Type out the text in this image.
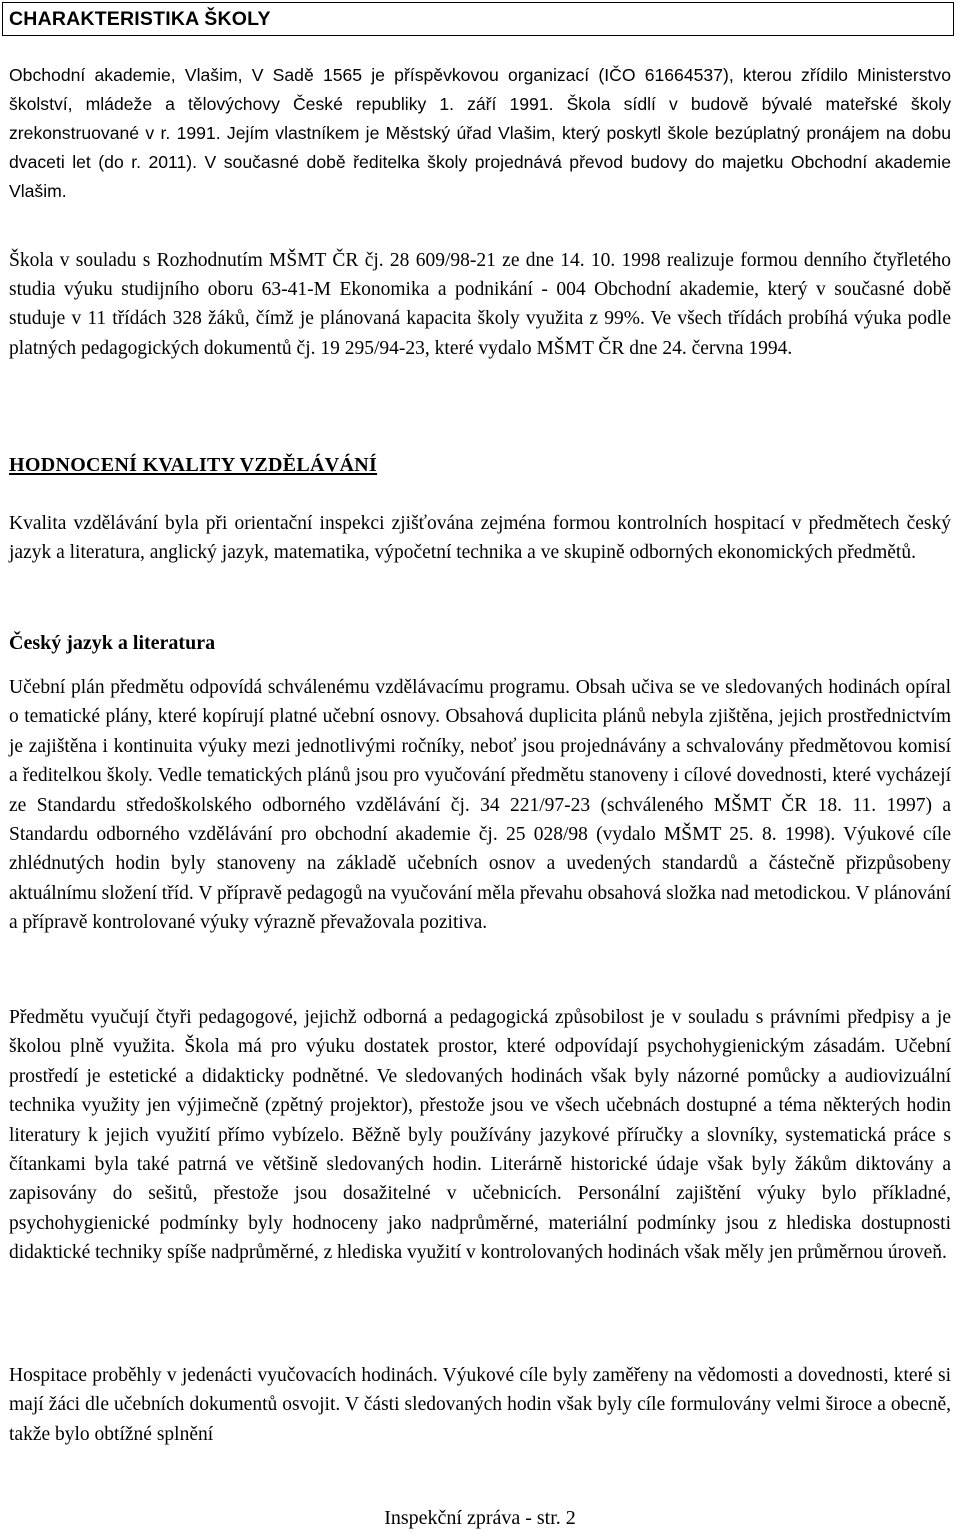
CHARAKTERISTIKA ŠKOLY

Obchodní akademie, Vlašim, V Sadě 1565 je příspěvkovou organizací (IČO 61664537), kterou zřídilo Ministerstvo školství, mládeže a tělovýchovy České republiky 1. září 1991. Škola sídlí v budově bývalé mateřské školy zrekonstruované v r. 1991. Jejím vlastníkem je Městský úřad Vlašim, který poskytl škole bezúplatný pronájem na dobu dvaceti let (do r. 2011). V současné době ředitelka školy projednává převod budovy do majetku Obchodní akademie Vlašim.

Škola v souladu s Rozhodnutím MŠMT ČR čj. 28 609/98-21 ze dne 14. 10. 1998 realizuje formou denního čtyřletého studia výuku studijního oboru 63-41-M Ekonomika a podnikání - 004 Obchodní akademie, který v současné době studuje v 11 třídách 328 žáků, čímž je plánovaná kapacita školy využita z 99%. Ve všech třídách probíhá výuka podle platných pedagogických dokumentů čj. 19 295/94-23, které vydalo MŠMT ČR dne 24. června 1994.

HODNOCENÍ KVALITY VZDĚLÁVÁNÍ

Kvalita vzdělávání byla při orientační inspekci zjišťována zejména formou kontrolních hospitací v předmětech český jazyk a literatura, anglický jazyk, matematika, výpočetní technika a ve skupině odborných ekonomických předmětů.

Český jazyk a literatura

Učební plán předmětu odpovídá schválenému vzdělávacímu programu. Obsah učiva se ve sledovaných hodinách opíral o tematické plány, které kopírují platné učební osnovy. Obsahová duplicita plánů nebyla zjištěna, jejich prostřednictvím je zajištěna i kontinuita výuky mezi jednotlivými ročníky, neboť jsou projednávány a schvalovány předmětovou komisí a ředitelkou školy. Vedle tematických plánů jsou pro vyučování předmětu stanoveny i cílové dovednosti, které vycházejí ze Standardu středoškolského odborného vzdělávání čj. 34 221/97-23 (schváleného MŠMT ČR 18. 11. 1997) a Standardu odborného vzdělávání pro obchodní akademie čj. 25 028/98 (vydalo MŠMT 25. 8. 1998). Výukové cíle zhlédnutých hodin byly stanoveny na základě učebních osnov a uvedených standardů a částečně přizpůsobeny aktuálnímu složení tříd. V přípravě pedagogů na vyučování měla převahu obsahová složka nad metodickou. V plánování a přípravě kontrolované výuky výrazně převažovala pozitiva.

Předmětu vyučují čtyři pedagogové, jejichž odborná a pedagogická způsobilost je v souladu s právními předpisy a je školou plně využita. Škola má pro výuku dostatek prostor, které odpovídají psychohygienickým zásadám. Učební prostředí je estetické a didakticky podnětné. Ve sledovaných hodinách však byly názorné pomůcky a audiovizuální technika využity jen výjimečně (zpětný projektor), přestože jsou ve všech učebnách dostupné a téma některých hodin literatury k jejich využití přímo vybízelo. Běžně byly používány jazykové příručky a slovníky, systematická práce s čítankami byla také patrná ve většině sledovaných hodin. Literárně historické údaje však byly žákům diktovány a zapisovány do sešitů, přestože jsou dosažitelné v učebnicích. Personální zajištění výuky bylo příkladné, psychohygienické podmínky byly hodnoceny jako nadprůměrné, materiální podmínky jsou z hlediska dostupnosti didaktické techniky spíše nadprůměrné, z hlediska využití v kontrolovaných hodinách však měly jen průměrnou úroveň.

Hospitace proběhly v jedenácti vyučovacích hodinách. Výukové cíle byly zaměřeny na vědomosti a dovednosti, které si mají žáci dle učebních dokumentů osvojit. V části sledovaných hodin však byly cíle formulovány velmi široce a obecně, takže bylo obtížné splnění

Inspekční zpráva - str. 2
